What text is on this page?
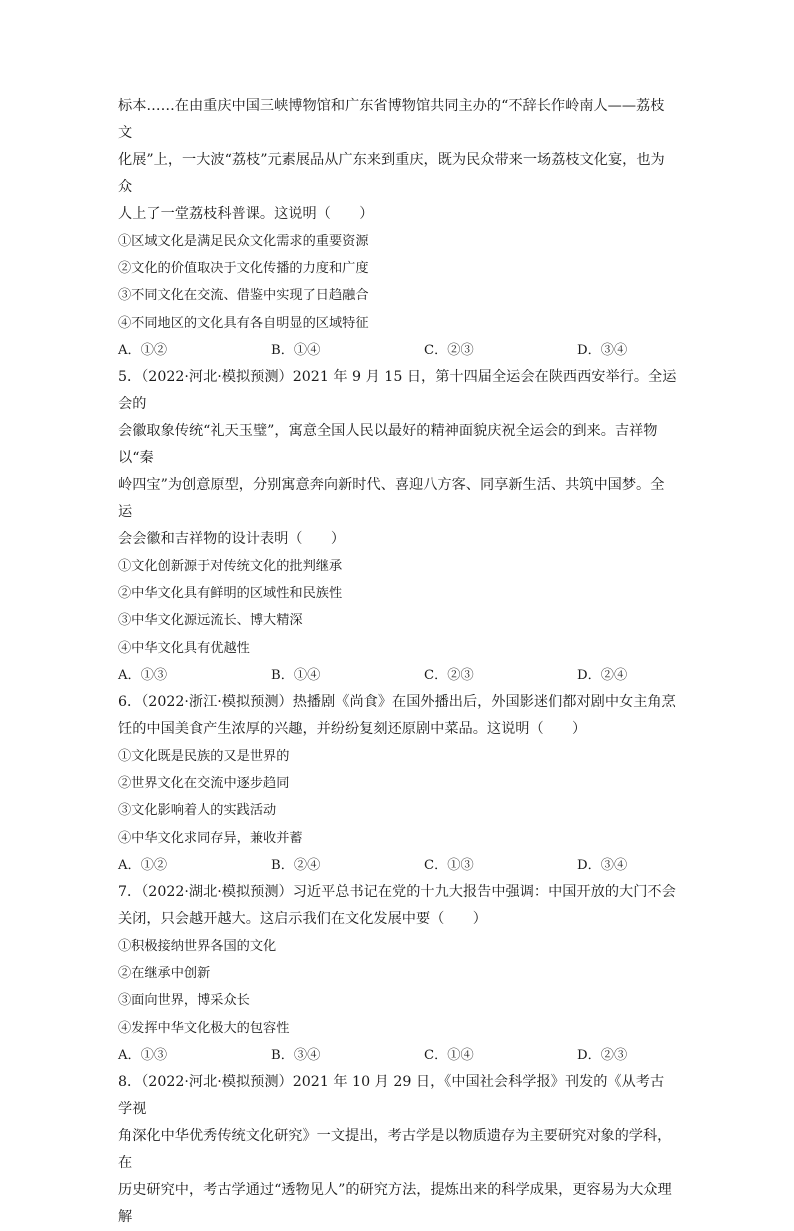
标本……在由重庆中国三峡博物馆和广东省博物馆共同主办的“不辞长作岭南人——荔枝文

化展”上，一大波“荔枝”元素展品从广东来到重庆，既为民众带来一场荔枝文化宴，也为众

人上了一堂荔枝科普课。这说明（　　）

①区域文化是满足民众文化需求的重要资源

②文化的价值取决于文化传播的力度和广度

③不同文化在交流、借鉴中实现了日趋融合

④不同地区的文化具有各自明显的区域特征

A．①②	B．①④	C．②③	D．③④

5．（2022·河北·模拟预测）2021 年 9 月 15 日，第十四届全运会在陕西西安举行。全运会的

会徽取象传统“礼天玉璧”，寓意全国人民以最好的精神面貌庆祝全运会的到来。吉祥物以“秦

岭四宝”为创意原型，分别寓意奔向新时代、喜迎八方客、同享新生活、共筑中国梦。全运

会会徽和吉祥物的设计表明（　　）

①文化创新源于对传统文化的批判继承

②中华文化具有鲜明的区域性和民族性

③中华文化源远流长、博大精深

④中华文化具有优越性

A．①③	B．①④	C．②③	D．②④

6．（2022·浙江·模拟预测）热播剧《尚食》在国外播出后，外国影迷们都对剧中女主角烹

饪的中国美食产生浓厚的兴趣，并纷纷复刻还原剧中菜品。这说明（　　）

①文化既是民族的又是世界的

②世界文化在交流中逐步趋同

③文化影响着人的实践活动

④中华文化求同存异，兼收并蓄

A．①②	B．②④	C．①③	D．③④

7．（2022·湖北·模拟预测）习近平总书记在党的十九大报告中强调：中国开放的大门不会

关闭，只会越开越大。这启示我们在文化发展中要（　　）

①积极接纳世界各国的文化

②在继承中创新

③面向世界，博采众长

④发挥中华文化极大的包容性

A．①③	B．③④	C．①④	D．②③

8．（2022·河北·模拟预测）2021 年 10 月 29 日，《中国社会科学报》刊发的《从考古学视

角深化中华优秀传统文化研究》一文提出，考古学是以物质遗存为主要研究对象的学科，在

历史研究中，考古学通过“透物见人”的研究方法，提炼出来的科学成果，更容易为大众理解
